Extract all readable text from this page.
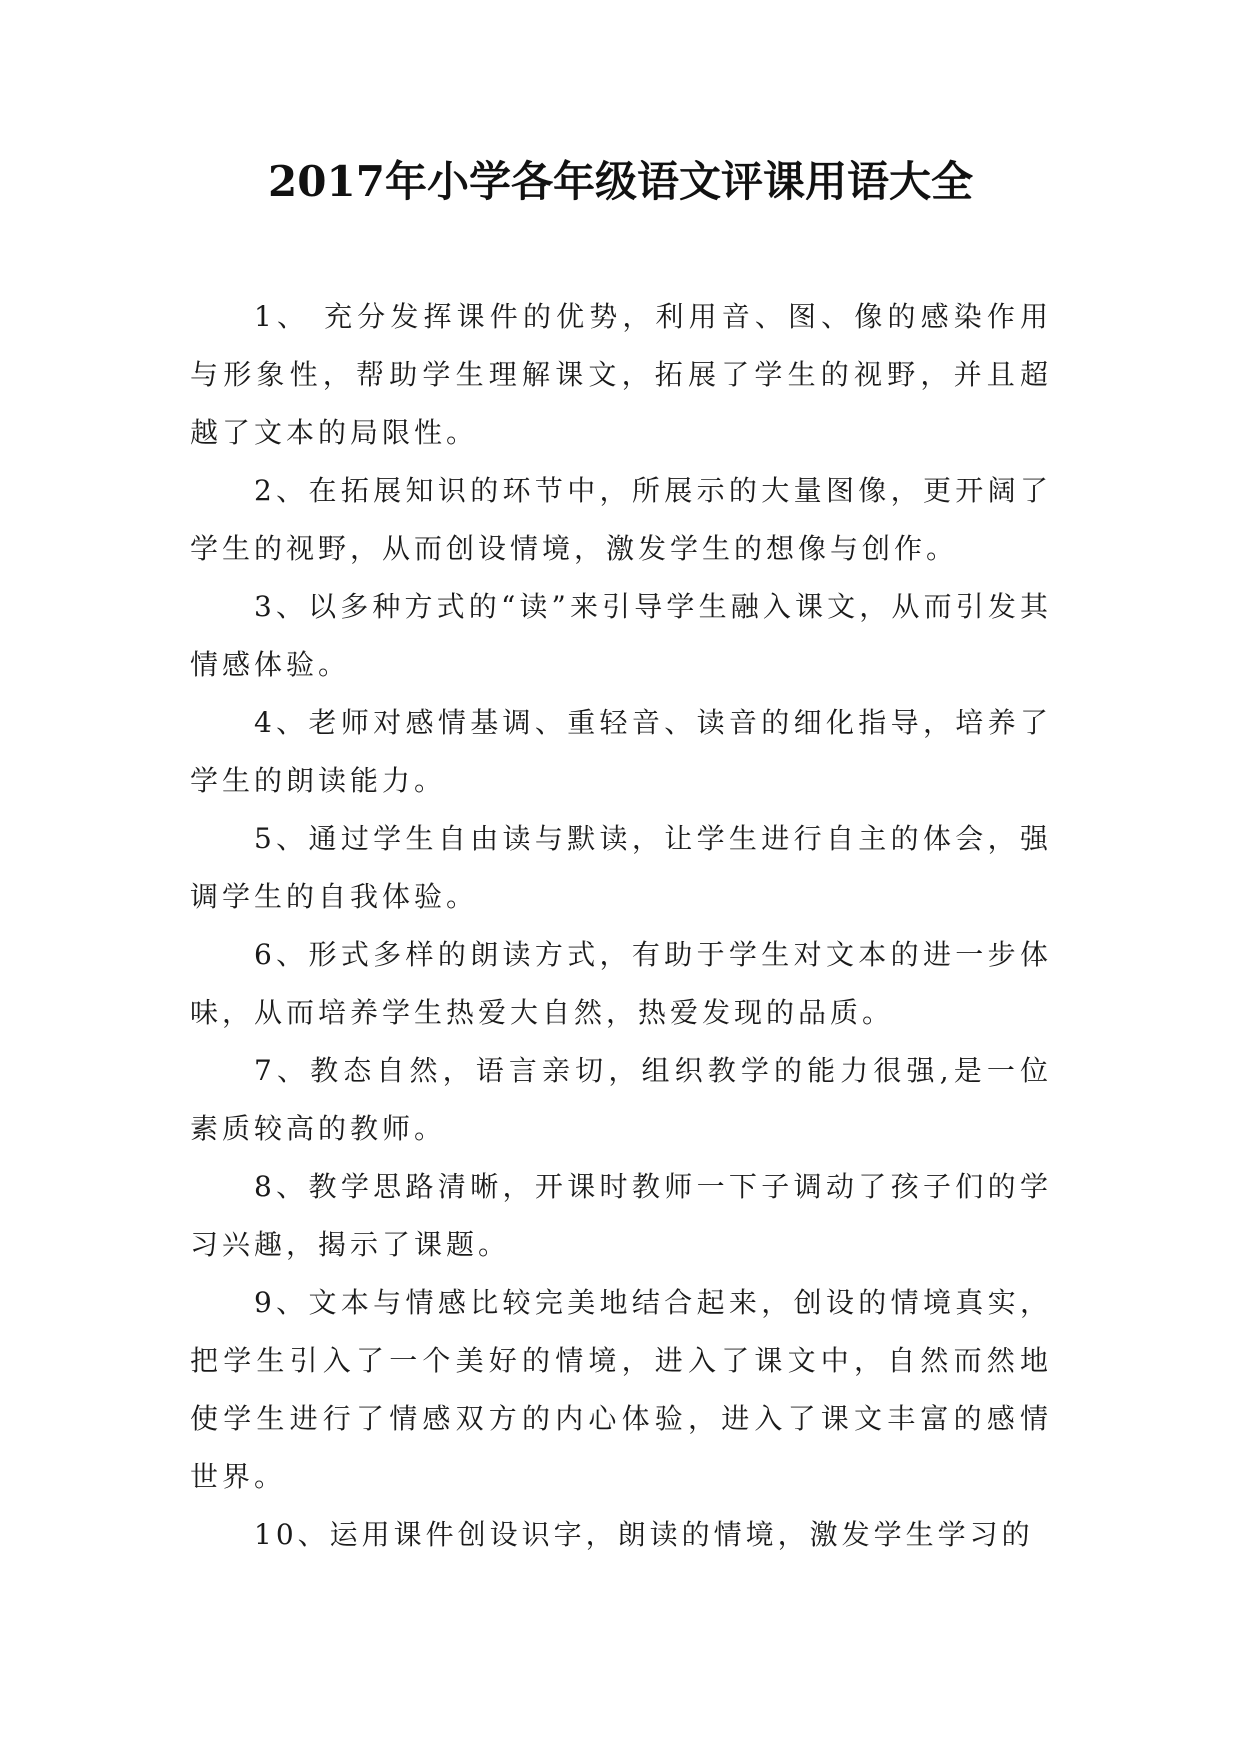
2017年小学各年级语文评课用语大全

1、 充分发挥课件的优势，利用音、图、像的感染作用与形象性，帮助学生理解课文，拓展了学生的视野，并且超越了文本的局限性。

2、在拓展知识的环节中，所展示的大量图像，更开阔了学生的视野，从而创设情境，激发学生的想像与创作。

3、以多种方式的“读”来引导学生融入课文，从而引发其情感体验。

4、老师对感情基调、重轻音、读音的细化指导，培养了学生的朗读能力。

5、通过学生自由读与默读，让学生进行自主的体会，强调学生的自我体验。

6、形式多样的朗读方式，有助于学生对文本的进一步体味，从而培养学生热爱大自然，热爱发现的品质。

7、教态自然，语言亲切，组织教学的能力很强,是一位素质较高的教师。

8、教学思路清晰，开课时教师一下子调动了孩子们的学习兴趣，揭示了课题。

9、文本与情感比较完美地结合起来，创设的情境真实，把学生引入了一个美好的情境，进入了课文中，自然而然地使学生进行了情感双方的内心体验，进入了课文丰富的感情世界。

10、运用课件创设识字，朗读的情境，激发学生学习的
